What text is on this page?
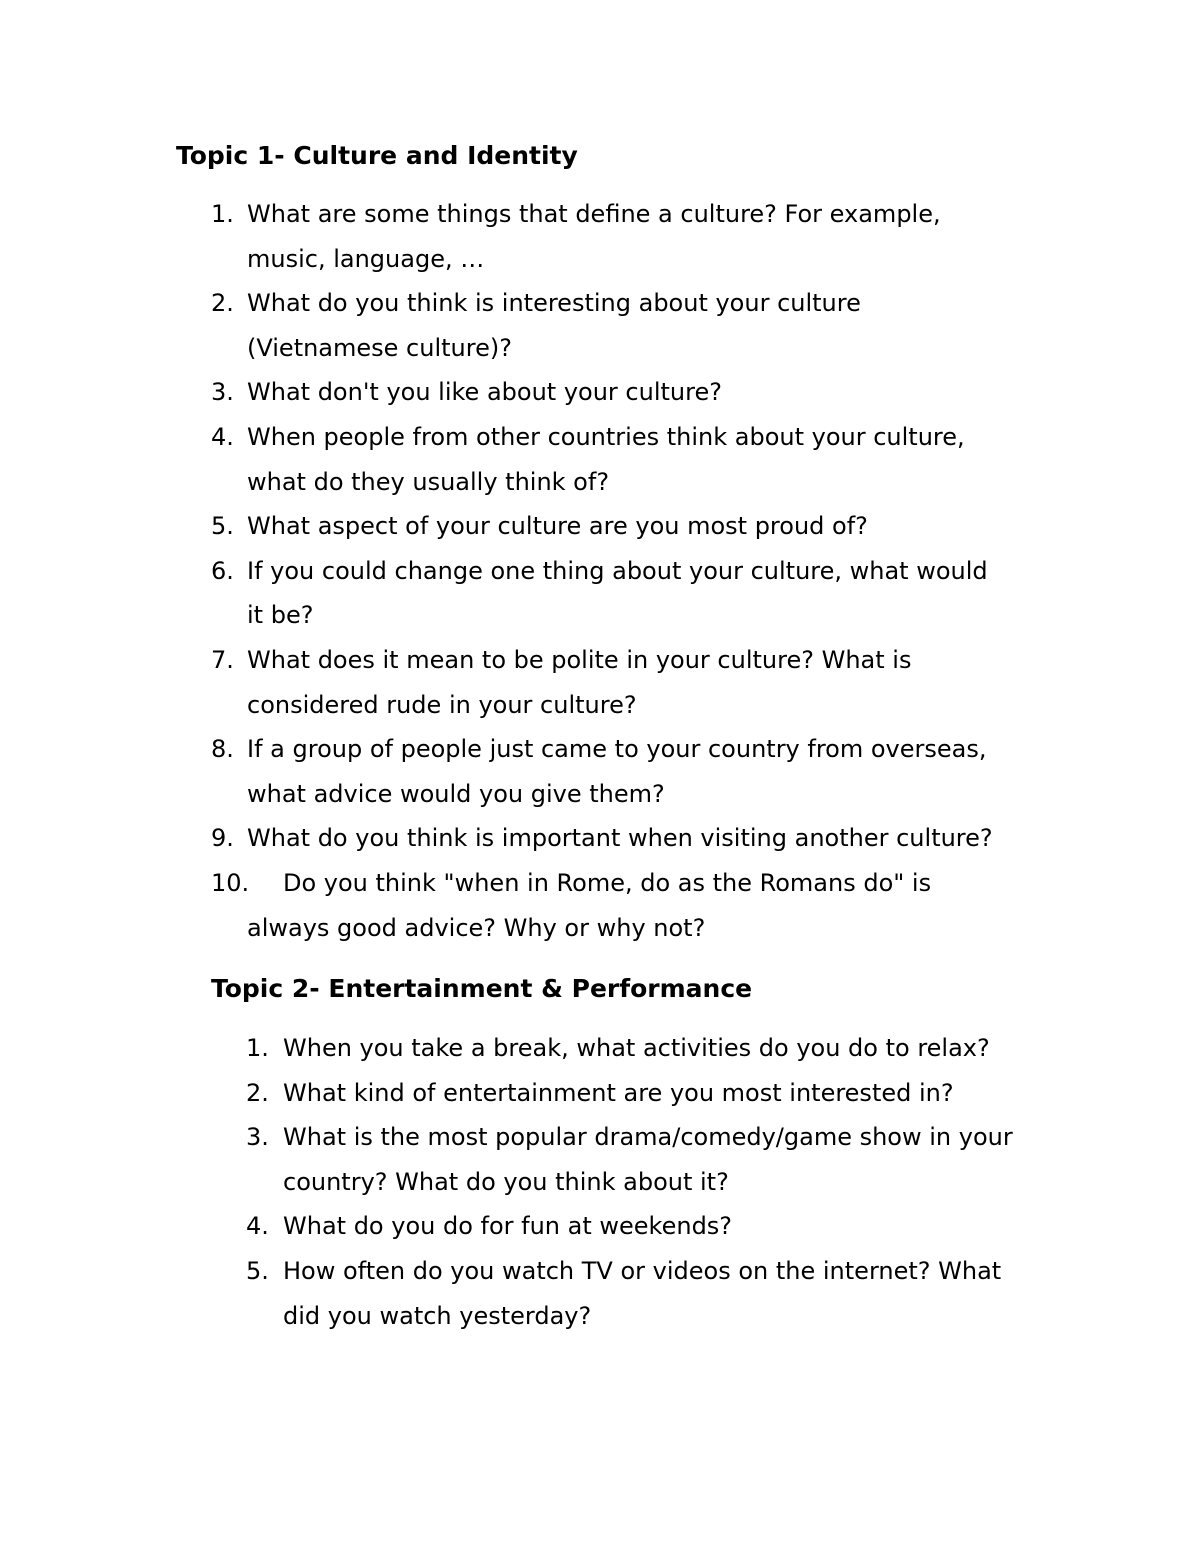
Topic 1- Culture and Identity
1. What are some things that define a culture? For example,
music, language, …
2. What do you think is interesting about your culture
(Vietnamese culture)?
3. What don't you like about your culture?
4. When people from other countries think about your culture,
what do they usually think of?
5. What aspect of your culture are you most proud of?
6. If you could change one thing about your culture, what would
it be?
7. What does it mean to be polite in your culture? What is
considered rude in your culture?
8. If a group of people just came to your country from overseas,
what advice would you give them?
9. What do you think is important when visiting another culture?
10. Do you think "when in Rome, do as the Romans do" is
always good advice? Why or why not?
Topic 2- Entertainment & Performance
1. When you take a break, what activities do you do to relax?
2. What kind of entertainment are you most interested in?
3. What is the most popular drama/comedy/game show in your
country? What do you think about it?
4. What do you do for fun at weekends?
5. How often do you watch TV or videos on the internet? What
did you watch yesterday?
